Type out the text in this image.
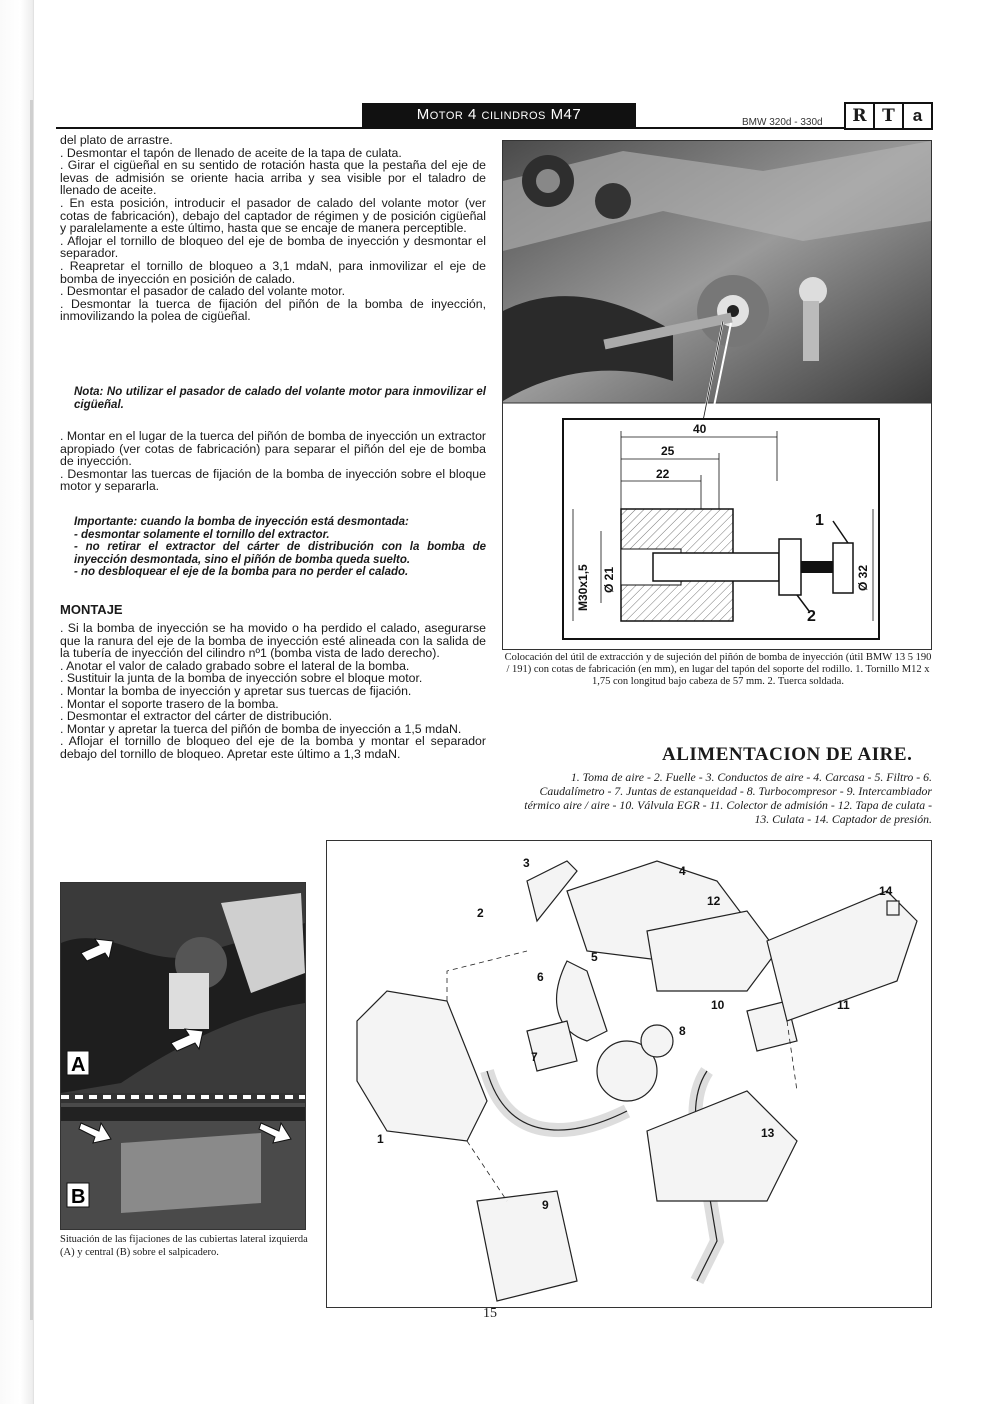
Motor 4 cilindros M47	BMW 320d - 330d	R T	a

del plato de arrastre.

. Desmontar el tapón de llenado de aceite de la tapa de culata.

. Girar el cigüeñal en su sentido de rotación hasta que la pestaña del eje de levas de admisión se oriente hacia arriba y sea visible por el taladro de llenado de aceite.

. En esta posición, introducir el pasador de calado del volante motor (ver cotas de fabricación), debajo del captador de régimen y de posición cigüeñal y paralelamente a este último, hasta que se encaje de manera perceptible.

. Aflojar el tornillo de bloqueo del eje de bomba de inyección y desmontar el separador.

. Reapretar el tornillo de bloqueo a 3,1 mdaN, para inmovilizar el eje de bomba de inyección en posición de calado.

. Desmontar el pasador de calado del volante motor.

. Desmontar la tuerca de fijación del piñón de la bomba de inyección, inmovilizando la polea de cigüeñal.

Nota: No utilizar el pasador de calado del volante motor para inmovilizar el cigüeñal.

. Montar en el lugar de la tuerca del piñón de bomba de inyección un extractor apropiado (ver cotas de fabricación) para separar el piñón del eje de bomba de inyección.

. Desmontar las tuercas de fijación de la bomba de inyección sobre el bloque motor y separarla.

Importante: cuando la bomba de inyección está desmontada:

- desmontar solamente el tornillo del extractor.

- no retirar el extractor del cárter de distribución con la bomba de inyección desmontada, sino el piñón de bomba queda suelto.

- no desbloquear el eje de la bomba para no perder el calado.

MONTAJE

. Si la bomba de inyección se ha movido o ha perdido el calado, asegurarse que la ranura del eje de la bomba de inyección esté alineada con la salida de la tubería de inyección del cilindro nº1 (bomba vista de lado derecho).

. Anotar el valor de calado grabado sobre el lateral de la bomba.

. Sustituir la junta de la bomba de inyección sobre el bloque motor.

. Montar la bomba de inyección y apretar sus tuercas de fijación.

. Montar el soporte trasero de la bomba.

. Desmontar el extractor del cárter de distribución.

. Montar y apretar la tuerca del piñón de bomba de inyección a 1,5 mdaN.

. Aflojar el tornillo de bloqueo del eje de la bomba y montar el separador debajo del tornillo de bloqueo. Apretar este último a 1,3 mdaN.

40
25
22
M30x1,5 Ø 21	Ø 32
1
2
Colocación del útil de extracción y de sujeción del piñón de bomba de inyección (útil BMW 13 5 190 / 191) con cotas de fabricación (en mm), en lugar del tapón del soporte del rodillo. 1. Tornillo M12 x 1,75 con longitud bajo cabeza de 57 mm. 2. Tuerca soldada.
ALIMENTACION DE AIRE.
1. Toma de aire - 2. Fuelle - 3. Conductos de aire - 4. Carcasa - 5. Filtro - 6. Caudalímetro - 7. Juntas de estanqueidad - 8. Turbocompresor - 9. Intercambiador térmico aire / aire - 10. Válvula EGR - 11. Colector de admisión - 12. Tapa de culata - 13. Culata - 14. Captador de presión.
A
B
Situación de las fijaciones de las cubiertas lateral izquierda (A) y central (B) sobre el salpicadero.
1
2
3
4
5
6
7
8
9
10	11
12
13
14
15
